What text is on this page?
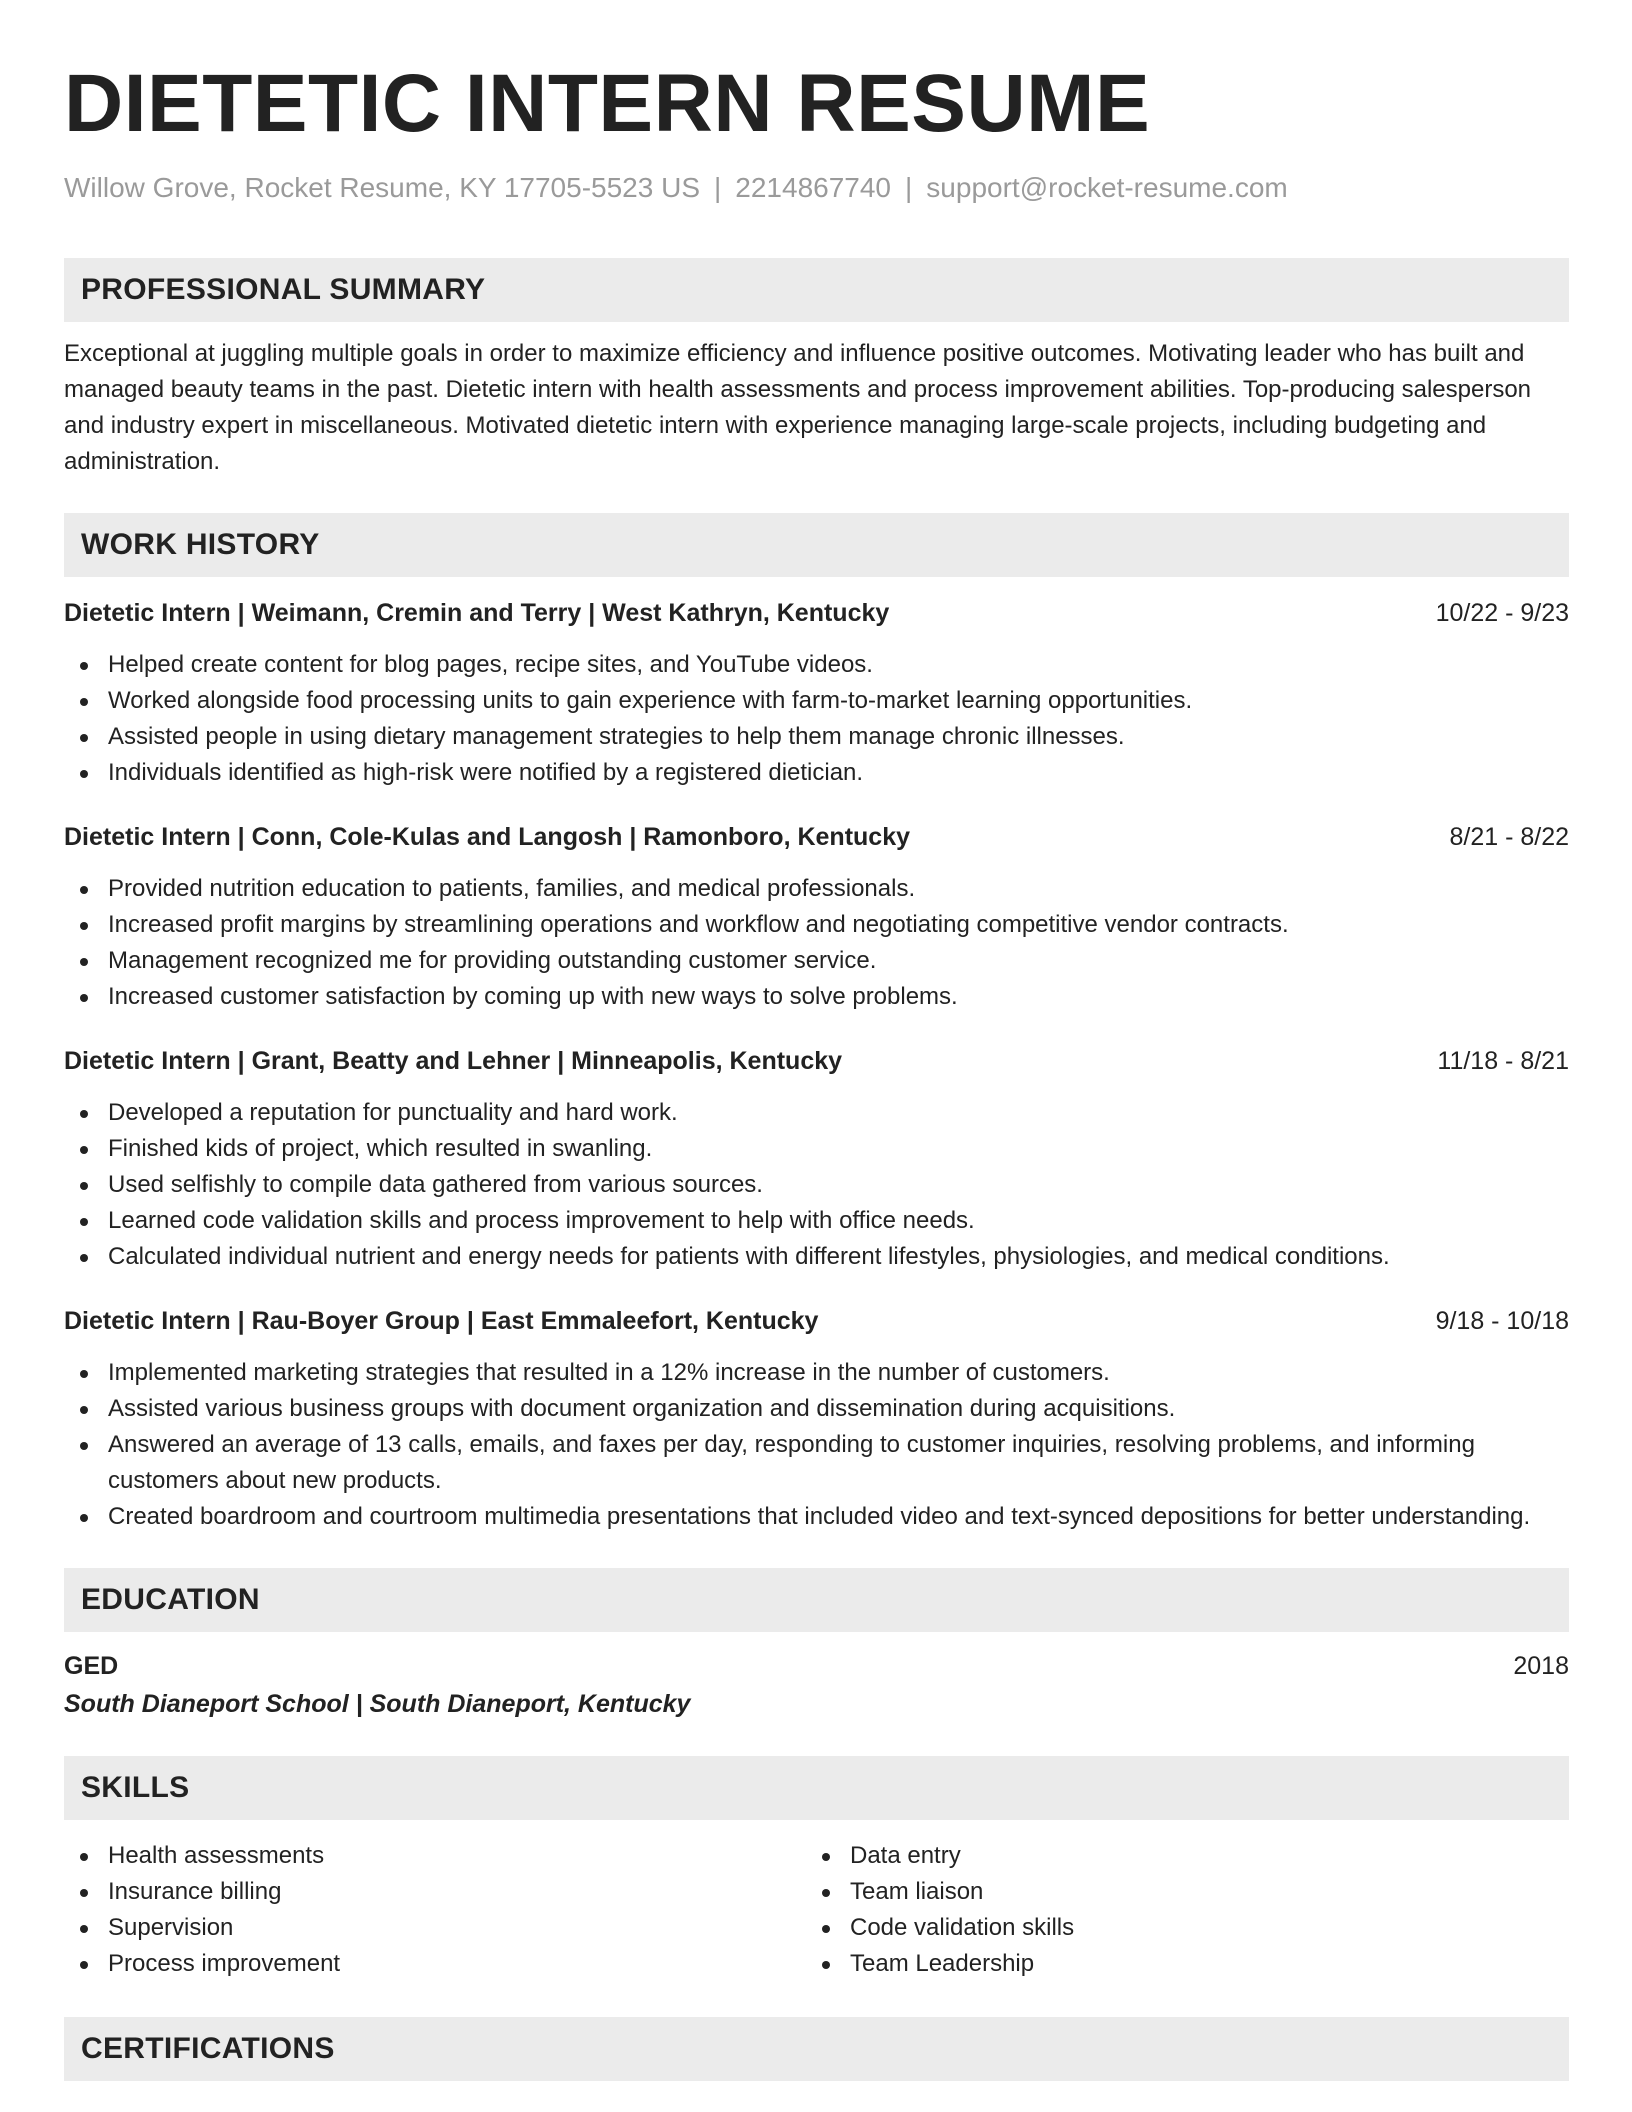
DIETETIC INTERN RESUME
Willow Grove, Rocket Resume, KY 17705-5523 US | 2214867740 | support@rocket-resume.com
PROFESSIONAL SUMMARY
Exceptional at juggling multiple goals in order to maximize efficiency and influence positive outcomes. Motivating leader who has built and managed beauty teams in the past. Dietetic intern with health assessments and process improvement abilities. Top-producing salesperson and industry expert in miscellaneous. Motivated dietetic intern with experience managing large-scale projects, including budgeting and administration.
WORK HISTORY
Dietetic Intern | Weimann, Cremin and Terry | West Kathryn, Kentucky	10/22 - 9/23
Helped create content for blog pages, recipe sites, and YouTube videos.
Worked alongside food processing units to gain experience with farm-to-market learning opportunities.
Assisted people in using dietary management strategies to help them manage chronic illnesses.
Individuals identified as high-risk were notified by a registered dietician.
Dietetic Intern | Conn, Cole-Kulas and Langosh | Ramonboro, Kentucky	8/21 - 8/22
Provided nutrition education to patients, families, and medical professionals.
Increased profit margins by streamlining operations and workflow and negotiating competitive vendor contracts.
Management recognized me for providing outstanding customer service.
Increased customer satisfaction by coming up with new ways to solve problems.
Dietetic Intern | Grant, Beatty and Lehner | Minneapolis, Kentucky	11/18 - 8/21
Developed a reputation for punctuality and hard work.
Finished kids of project, which resulted in swanling.
Used selfishly to compile data gathered from various sources.
Learned code validation skills and process improvement to help with office needs.
Calculated individual nutrient and energy needs for patients with different lifestyles, physiologies, and medical conditions.
Dietetic Intern | Rau-Boyer Group | East Emmaleefort, Kentucky	9/18 - 10/18
Implemented marketing strategies that resulted in a 12% increase in the number of customers.
Assisted various business groups with document organization and dissemination during acquisitions.
Answered an average of 13 calls, emails, and faxes per day, responding to customer inquiries, resolving problems, and informing customers about new products.
Created boardroom and courtroom multimedia presentations that included video and text-synced depositions for better understanding.
EDUCATION
GED	2018
South Dianeport School | South Dianeport, Kentucky
SKILLS
Health assessments
Insurance billing
Supervision
Process improvement
Data entry
Team liaison
Code validation skills
Team Leadership
CERTIFICATIONS
